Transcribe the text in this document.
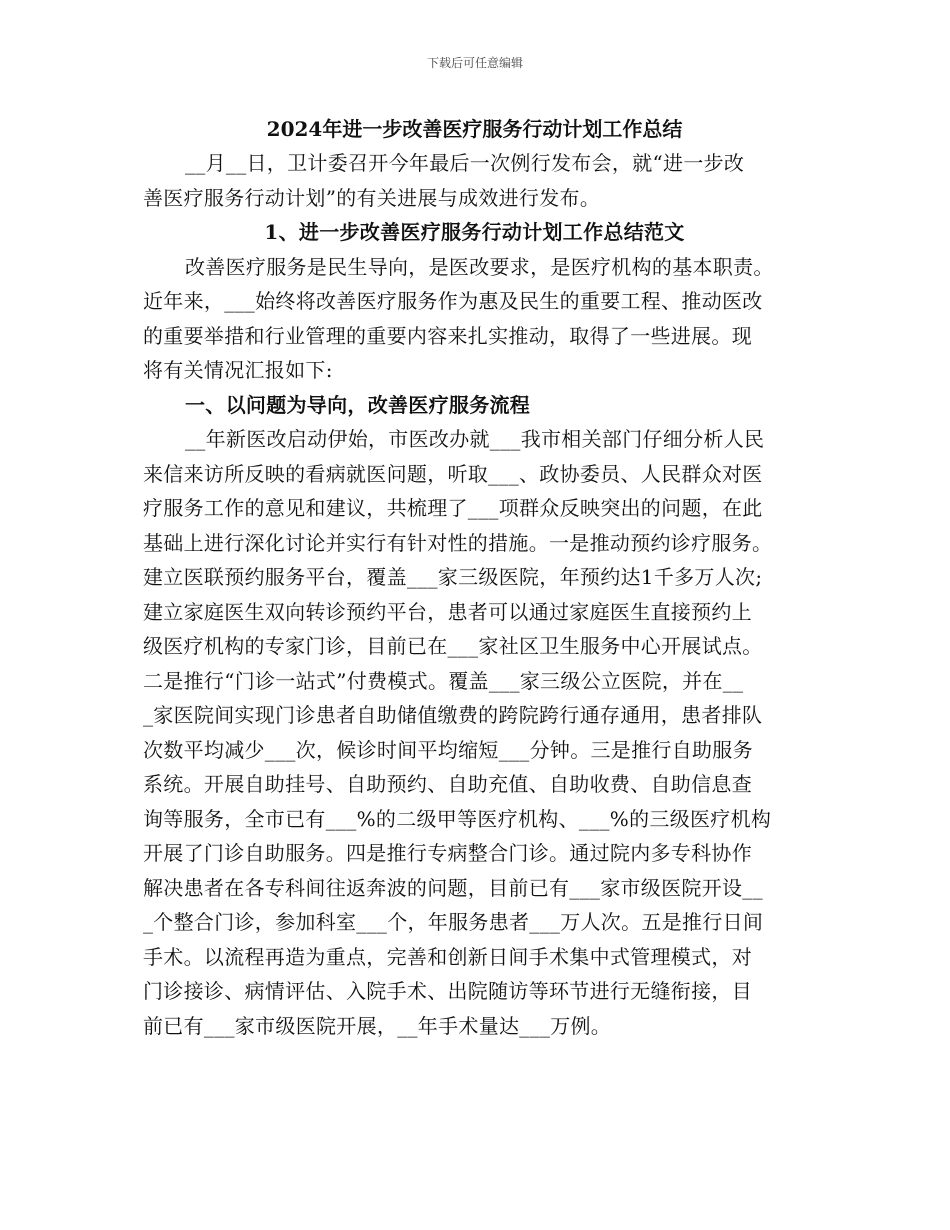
下载后可任意编辑
2024年进一步改善医疗服务行动计划工作总结
__月__日，卫计委召开今年最后一次例行发布会，就“进一步改
善医疗服务行动计划”的有关进展与成效进行发布。
1、进一步改善医疗服务行动计划工作总结范文
改善医疗服务是民生导向，是医改要求，是医疗机构的基本职责。
近年来，___始终将改善医疗服务作为惠及民生的重要工程、推动医改
的重要举措和行业管理的重要内容来扎实推动，取得了一些进展。现
将有关情况汇报如下:
一、以问题为导向，改善医疗服务流程
__年新医改启动伊始，市医改办就___我市相关部门仔细分析人民
来信来访所反映的看病就医问题，听取___、政协委员、人民群众对医
疗服务工作的意见和建议，共梳理了___项群众反映突出的问题，在此
基础上进行深化讨论并实行有针对性的措施。一是推动预约诊疗服务。
建立医联预约服务平台，覆盖___家三级医院，年预约达1千多万人次;
建立家庭医生双向转诊预约平台，患者可以通过家庭医生直接预约上
级医疗机构的专家门诊，目前已在___家社区卫生服务中心开展试点。
二是推行“门诊一站式”付费模式。覆盖___家三级公立医院，并在__
_家医院间实现门诊患者自助储值缴费的跨院跨行通存通用，患者排队
次数平均减少___次，候诊时间平均缩短___分钟。三是推行自助服务
系统。开展自助挂号、自助预约、自助充值、自助收费、自助信息查
询等服务，全市已有___%的二级甲等医疗机构、___%的三级医疗机构
开展了门诊自助服务。四是推行专病整合门诊。通过院内多专科协作
解决患者在各专科间往返奔波的问题，目前已有___家市级医院开设__
_个整合门诊，参加科室___个，年服务患者___万人次。五是推行日间
手术。以流程再造为重点，完善和创新日间手术集中式管理模式，对
门诊接诊、病情评估、入院手术、出院随访等环节进行无缝衔接，目
前已有___家市级医院开展，__年手术量达___万例。
